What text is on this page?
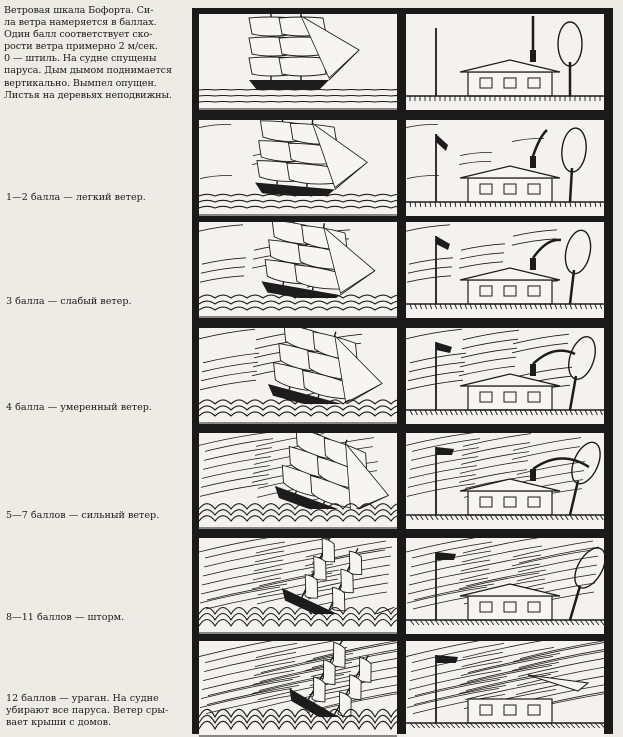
Ветровая шкала Бофорта. Си-
ла ветра намеряется в баллах.
Один балл соответствует ско-
рости ветра примерно 2 м/сек.
0 — штиль. На судне спущены
паруса. Дым дымом поднимается
вертикально. Вымпел опущен.
Листья на деревьях неподвижны.
1—2 балла — легкий ветер.
3 балла — слабый ветер.
4 балла — умеренный ветер.
5—7 баллов — сильный ветер.
8—11 баллов — шторм.
12 баллов — ураган. На судне
убирают все паруса. Ветер сры-
вает крыши с домов.
